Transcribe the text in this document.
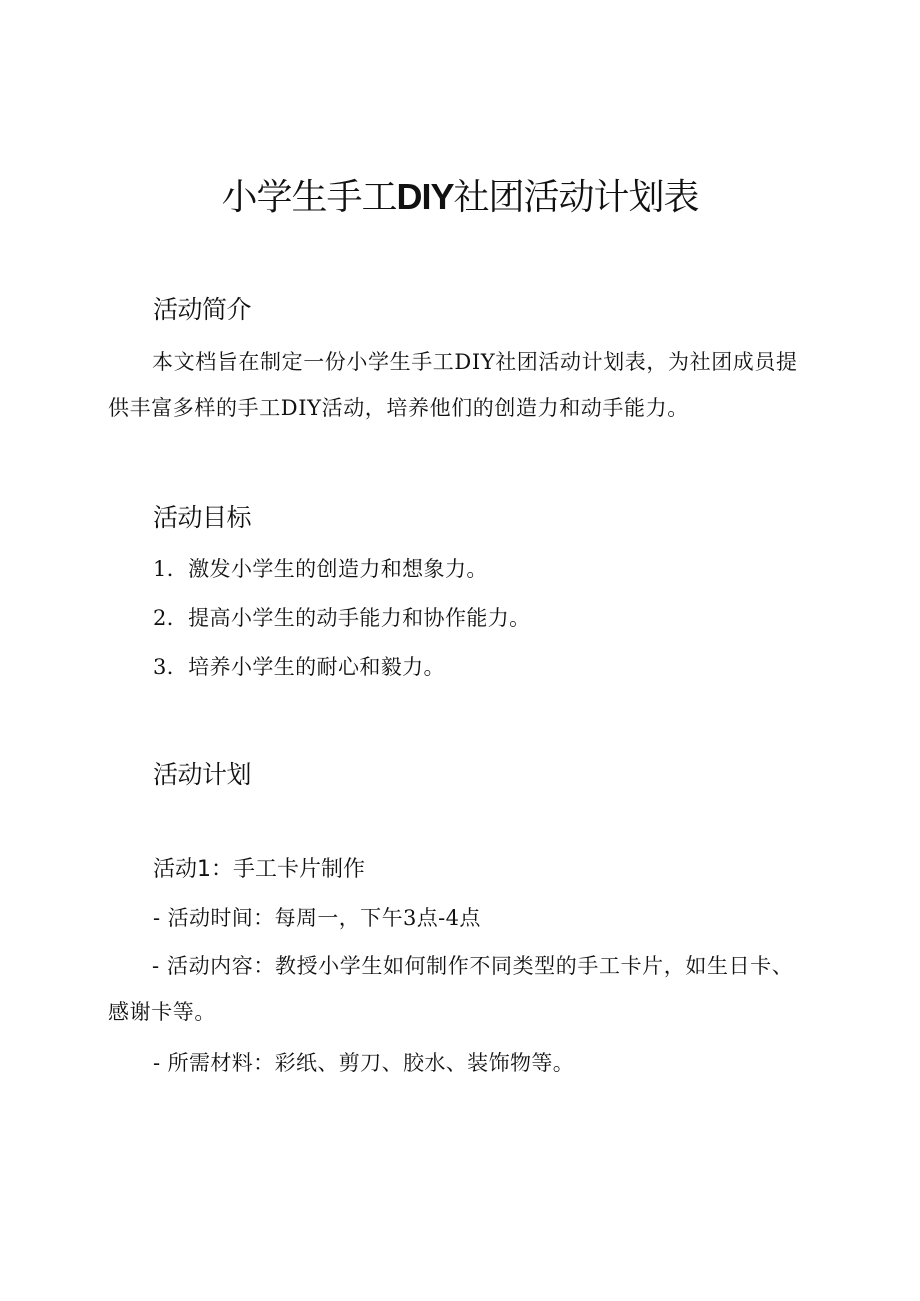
小学生手工DIY社团活动计划表
活动简介

本文档旨在制定一份小学生手工DIY社团活动计划表，为社团成员提供丰富多样的手工DIY活动，培养他们的创造力和动手能力。

活动目标

1．激发小学生的创造力和想象力。

2．提高小学生的动手能力和协作能力。

3．培养小学生的耐心和毅力。

活动计划
活动1：手工卡片制作

- 活动时间：每周一，下午3点-4点

- 活动内容：教授小学生如何制作不同类型的手工卡片，如生日卡、感谢卡等。

- 所需材料：彩纸、剪刀、胶水、装饰物等。
